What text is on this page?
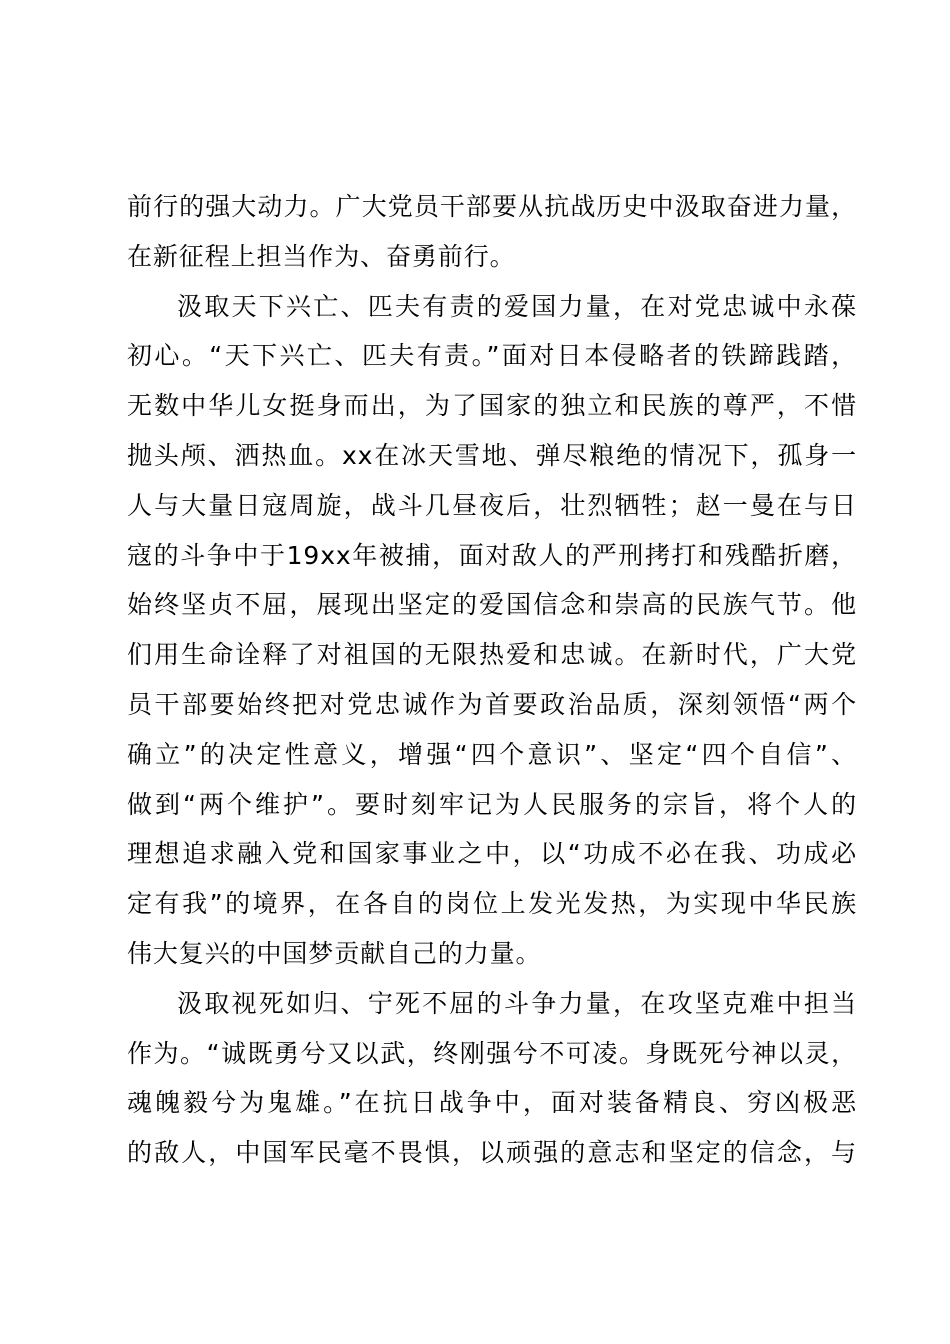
前行的强大动力。广大党员干部要从抗战历史中汲取奋进力量，
在新征程上担当作为、奋勇前行。
汲取天下兴亡、匹夫有责的爱国力量，在对党忠诚中永葆
初心。“天下兴亡、匹夫有责。”面对日本侵略者的铁蹄践踏，
无数中华儿女挺身而出，为了国家的独立和民族的尊严，不惜
抛头颅、洒热血。xx在冰天雪地、弹尽粮绝的情况下，孤身一
人与大量日寇周旋，战斗几昼夜后，壮烈牺牲；赵一曼在与日
寇的斗争中于19xx年被捕，面对敌人的严刑拷打和残酷折磨，
始终坚贞不屈，展现出坚定的爱国信念和崇高的民族气节。他
们用生命诠释了对祖国的无限热爱和忠诚。在新时代，广大党
员干部要始终把对党忠诚作为首要政治品质，深刻领悟“两个
确立”的决定性意义，增强“四个意识”、坚定“四个自信”、
做到“两个维护”。要时刻牢记为人民服务的宗旨，将个人的
理想追求融入党和国家事业之中，以“功成不必在我、功成必
定有我”的境界，在各自的岗位上发光发热，为实现中华民族
伟大复兴的中国梦贡献自己的力量。
汲取视死如归、宁死不屈的斗争力量，在攻坚克难中担当
作为。“诚既勇兮又以武，终刚强兮不可凌。身既死兮神以灵，
魂魄毅兮为鬼雄。”在抗日战争中，面对装备精良、穷凶极恶
的敌人，中国军民毫不畏惧，以顽强的意志和坚定的信念，与
